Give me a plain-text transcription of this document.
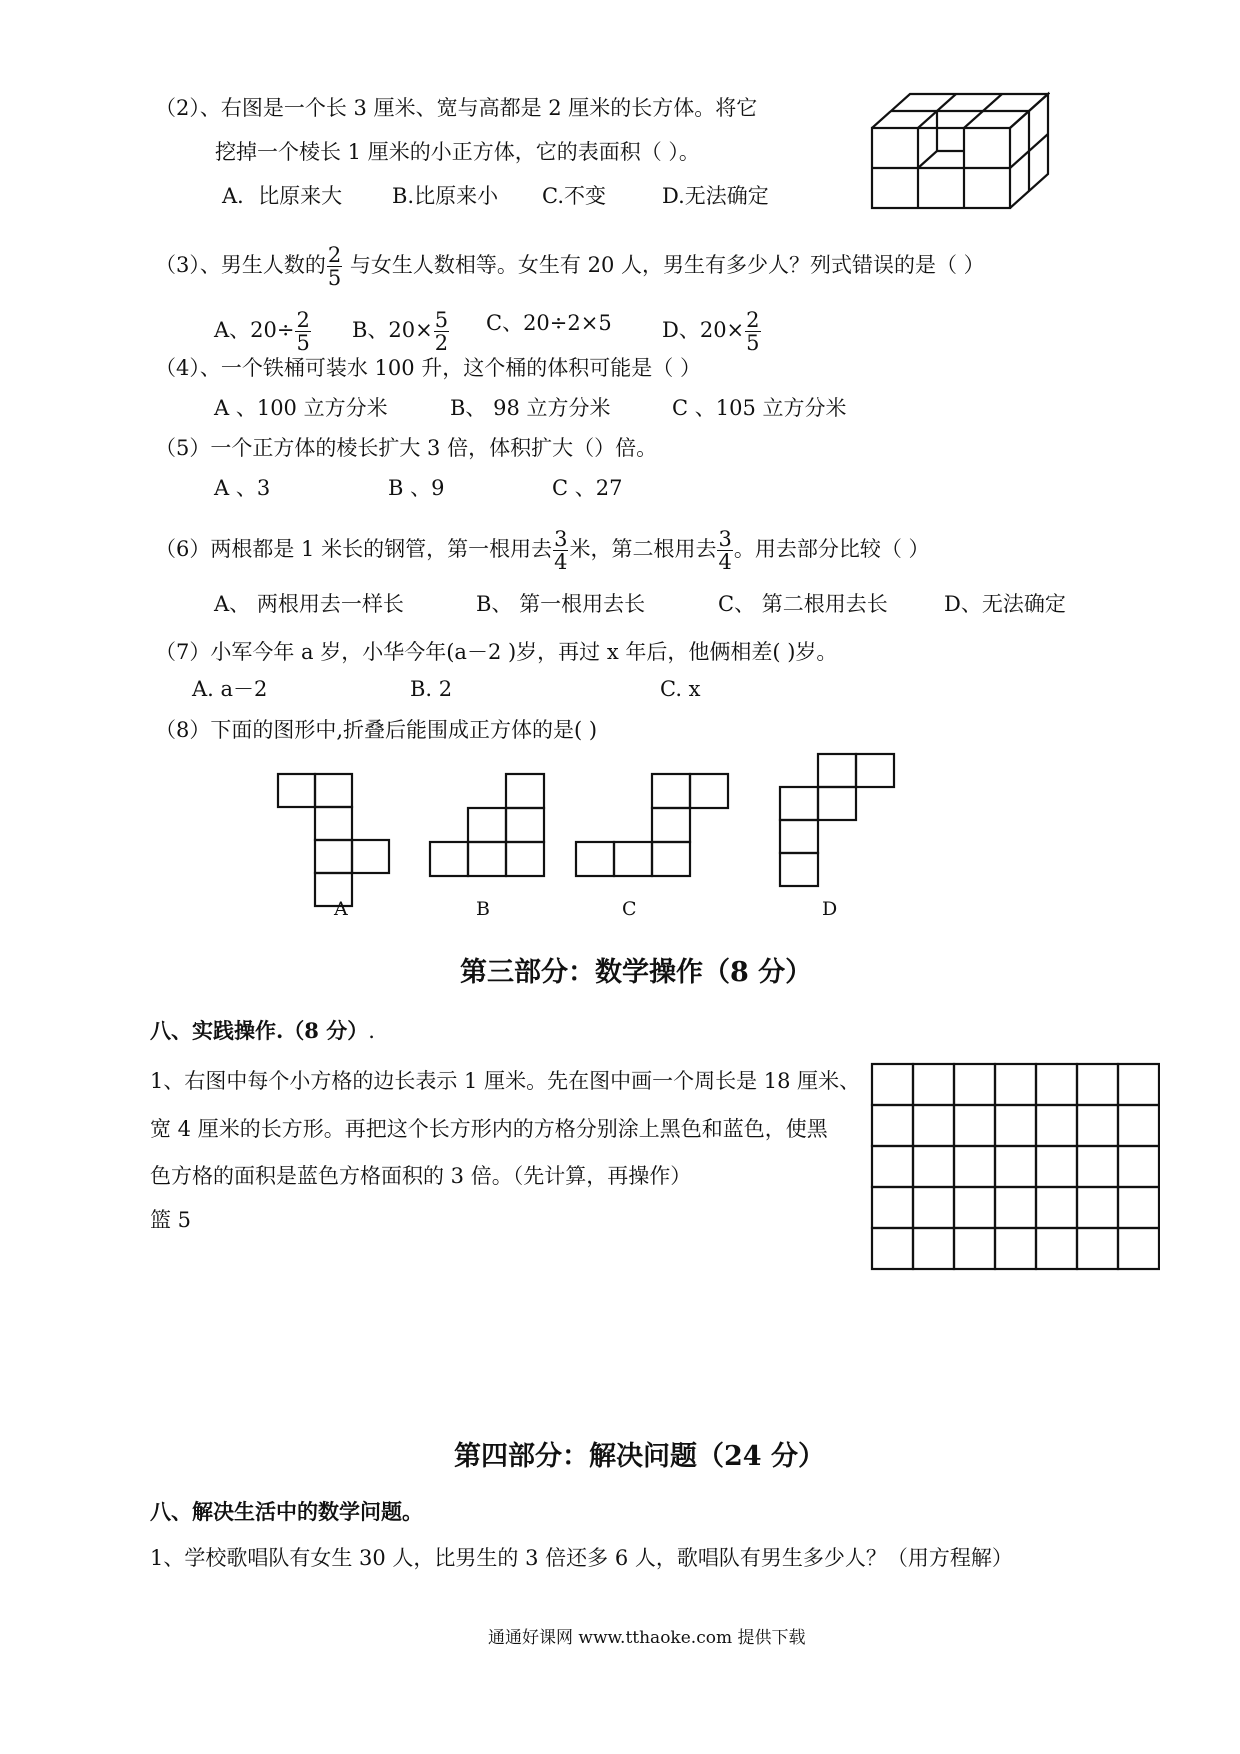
（2）、右图是一个长 3 厘米、宽与高都是 2 厘米的长方体。将它
挖掉一个棱长 1 厘米的小正方体，它的表面积（ ）。
A．比原来大 B.比原来小 C.不变	D.无法确定
（3）、男生人数的 $\frac{2}{5}$ 与女生人数相等。女生有 20 人，男生有多少人？列式错误的是（ ）
A、$20\div \frac{2}{5}$ B、$20\times \frac{5}{2}$ C、20÷2×5 D、$20\times \frac{2}{5}$
（4）、一个铁桶可装水 100 升，这个桶的体积可能是（ ）
A 、100 立方分米	B、 98 立方分米	C 、105 立方分米
（5）一个正方体的棱长扩大 3 倍，体积扩大（）倍。
A 、3	B 、9	C 、27
（6）两根都是 1 米长的钢管，第一根用去 $\frac{3}{4}$ 米，第二根用去 $\frac{3}{4}$ 。用去部分比较（ ）
A、 两根用去一样长	B、 第一根用去长	C、 第二根用去长	D、无法确定
（7）小军今年 a 岁，小华今年(a－2 )岁，再过 x 年后，他俩相差( )岁。
A. a－2	B. 2	C. x
（8）下面的图形中,折叠后能围成正方体的是( )
A	B	C	D
第三部分：数学操作（8 分）
八、实践操作.（8 分）.
1、右图中每个小方格的边长表示 1 厘米。先在图中画一个周长是 18 厘米、
宽 4 厘米的长方形。再把这个长方形内的方格分别涂上黑色和蓝色，使黑
色方格的面积是蓝色方格面积的 3 倍。（先计算，再操作）
篮 5
第四部分：解决问题（24 分）
八、解决生活中的数学问题。
1、学校歌唱队有女生 30 人，比男生的 3 倍还多 6 人，歌唱队有男生多少人？（用方程解）
通通好课网 www.tthaoke.com 提供下载
